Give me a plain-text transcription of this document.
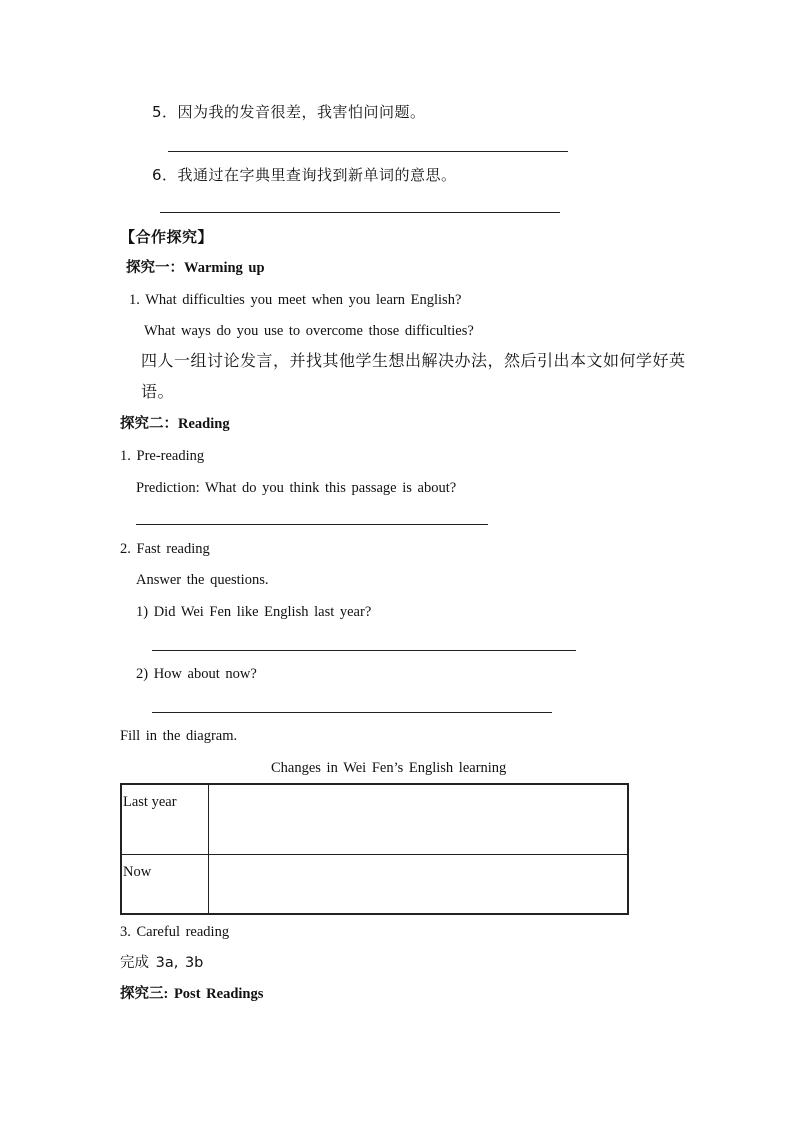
5．因为我的发音很差，我害怕问问题。
6．我通过在字典里查询找到新单词的意思。
【合作探究】
探究一：Warming up
1. What difficulties you meet when you learn English?
What ways do you use to overcome those difficulties?
四人一组讨论发言，并找其他学生想出解决办法，然后引出本文如何学好英
语。
探究二：Reading
1. Pre-reading
Prediction: What do you think this passage is about?
2. Fast reading
Answer the questions.
1) Did Wei Fen like English last year?
2) How about now?
Fill in the diagram.
Changes in Wei Fen’s English learning
Last year
Now
3. Careful reading
完成 3a, 3b
探究三: Post Readings
